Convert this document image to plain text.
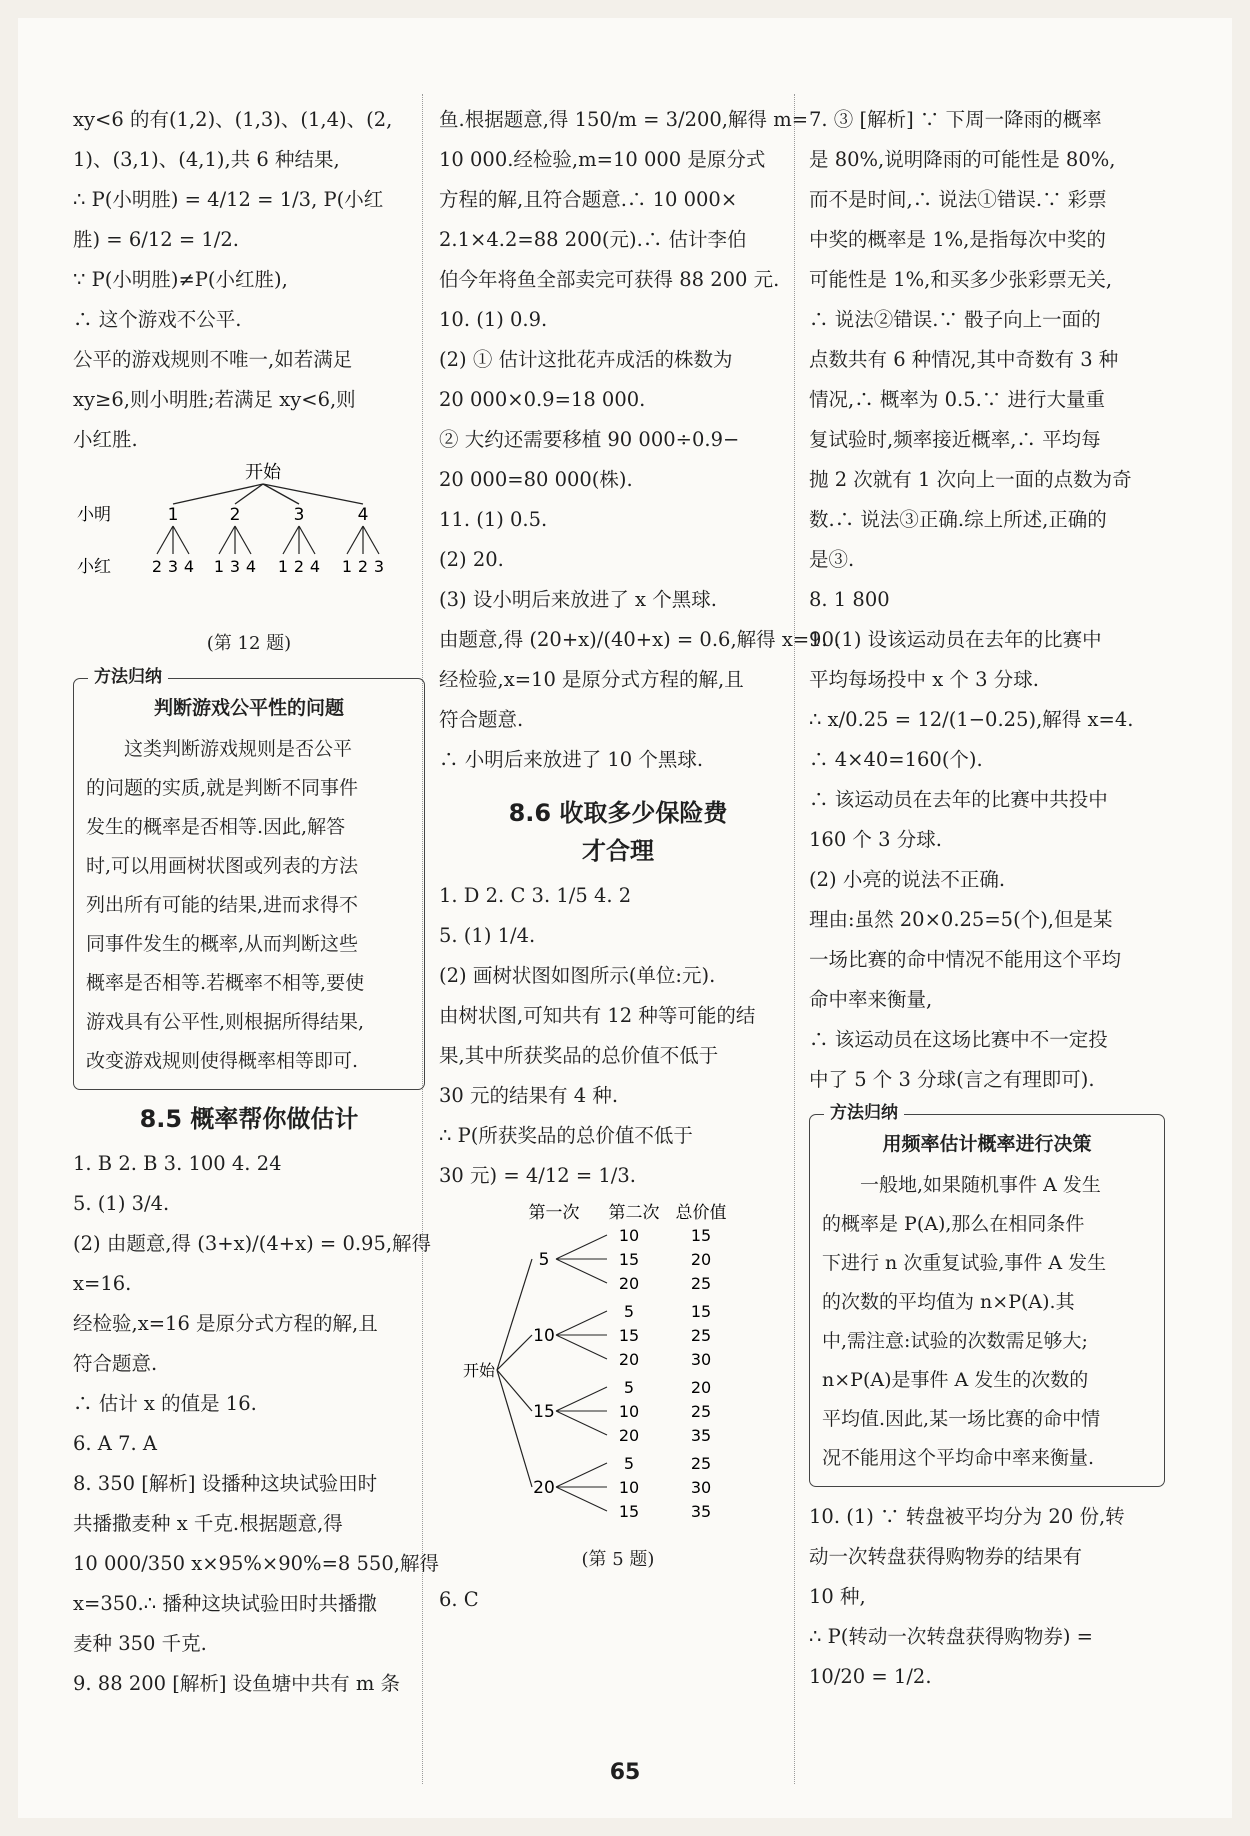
xy<6 的有(1,2)、(1,3)、(1,4)、(2,
1)、(3,1)、(4,1),共 6 种结果,
∴ P(小明胜) = 4/12 = 1/3, P(小红
胜) = 6/12 = 1/2.
∵ P(小明胜)≠P(小红胜),
∴ 这个游戏不公平.
公平的游戏规则不唯一,如若满足
xy≥6,则小明胜;若满足 xy<6,则
小红胜.
开始
小明
小红
1
2 3 4
2
1 3 4
3
1 2 4
4
1 2 3
(第 12 题)
方法归纳
判断游戏公平性的问题
这类判断游戏规则是否公平
的问题的实质,就是判断不同事件
发生的概率是否相等.因此,解答
时,可以用画树状图或列表的方法
列出所有可能的结果,进而求得不
同事件发生的概率,从而判断这些
概率是否相等.若概率不相等,要使
游戏具有公平性,则根据所得结果,
改变游戏规则使得概率相等即可.
8.5 概率帮你做估计
1. B 2. B 3. 100 4. 24
5. (1) 3/4.
(2) 由题意,得 (3+x)/(4+x) = 0.95,解得
x=16.
经检验,x=16 是原分式方程的解,且
符合题意.
∴ 估计 x 的值是 16.
6. A 7. A
8. 350 [解析] 设播种这块试验田时
共播撒麦种 x 千克.根据题意,得
10 000/350 x×95%×90%=8 550,解得
x=350.∴ 播种这块试验田时共播撒
麦种 350 千克.
9. 88 200 [解析] 设鱼塘中共有 m 条
鱼.根据题意,得 150/m = 3/200,解得 m=
10 000.经检验,m=10 000 是原分式
方程的解,且符合题意.∴ 10 000×
2.1×4.2=88 200(元).∴ 估计李伯
伯今年将鱼全部卖完可获得 88 200 元.
10. (1) 0.9.
(2) ① 估计这批花卉成活的株数为
20 000×0.9=18 000.
② 大约还需要移植 90 000÷0.9−
20 000=80 000(株).
11. (1) 0.5.
(2) 20.
(3) 设小明后来放进了 x 个黑球.
由题意,得 (20+x)/(40+x) = 0.6,解得 x=10.
经检验,x=10 是原分式方程的解,且
符合题意.
∴ 小明后来放进了 10 个黑球.
8.6 收取多少保险费
才合理
1. D 2. C 3. 1/5 4. 2
5. (1) 1/4.
(2) 画树状图如图所示(单位:元).
由树状图,可知共有 12 种等可能的结
果,其中所获奖品的总价值不低于
30 元的结果有 4 种.
∴ P(所获奖品的总价值不低于
30 元) = 4/12 = 1/3.
第一次 第二次 总价值
开始
5
10	15
15	20
20	25
10
5	15
15	25
20	30
15
5	20
10	25
20	35
20
5	25
10	30
15	35
(第 5 题)
6. C
7. ③ [解析] ∵ 下周一降雨的概率
是 80%,说明降雨的可能性是 80%,
而不是时间,∴ 说法①错误.∵ 彩票
中奖的概率是 1%,是指每次中奖的
可能性是 1%,和买多少张彩票无关,
∴ 说法②错误.∵ 骰子向上一面的
点数共有 6 种情况,其中奇数有 3 种
情况,∴ 概率为 0.5.∵ 进行大量重
复试验时,频率接近概率,∴ 平均每
抛 2 次就有 1 次向上一面的点数为奇
数.∴ 说法③正确.综上所述,正确的
是③.
8. 1 800
9. (1) 设该运动员在去年的比赛中
平均每场投中 x 个 3 分球.
∴ x/0.25 = 12/(1−0.25),解得 x=4.
∴ 4×40=160(个).
∴ 该运动员在去年的比赛中共投中
160 个 3 分球.
(2) 小亮的说法不正确.
理由:虽然 20×0.25=5(个),但是某
一场比赛的命中情况不能用这个平均
命中率来衡量,
∴ 该运动员在这场比赛中不一定投
中了 5 个 3 分球(言之有理即可).
方法归纳
用频率估计概率进行决策
一般地,如果随机事件 A 发生
的概率是 P(A),那么在相同条件
下进行 n 次重复试验,事件 A 发生
的次数的平均值为 n×P(A).其
中,需注意:试验的次数需足够大;
n×P(A)是事件 A 发生的次数的
平均值.因此,某一场比赛的命中情
况不能用这个平均命中率来衡量.
10. (1) ∵ 转盘被平均分为 20 份,转
动一次转盘获得购物券的结果有
10 种,
∴ P(转动一次转盘获得购物券) =
10/20 = 1/2.
65
